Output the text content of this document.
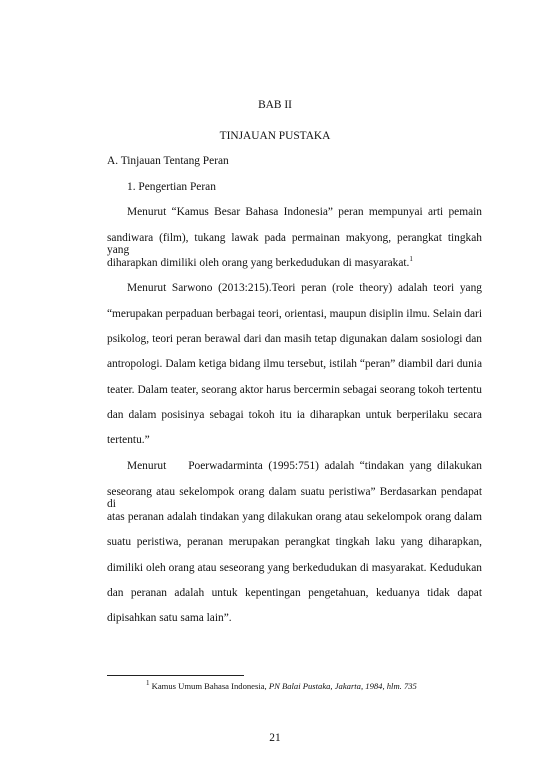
BAB II
TINJAUAN PUSTAKA
A. Tinjauan Tentang Peran
1. Pengertian Peran
Menurut “Kamus Besar Bahasa Indonesia” peran mempunyai arti pemain
sandiwara (film), tukang lawak pada permainan makyong, perangkat tingkah yang
diharapkan dimiliki oleh orang yang berkedudukan di masyarakat.$^1$
Menurut Sarwono (2013:215).Teori peran (role theory) adalah teori yang
“merupakan perpaduan berbagai teori, orientasi, maupun disiplin ilmu. Selain dari
psikolog, teori peran berawal dari dan masih tetap digunakan dalam sosiologi dan
antropologi. Dalam ketiga bidang ilmu tersebut, istilah “peran” diambil dari dunia
teater. Dalam teater, seorang aktor harus bercermin sebagai seorang tokoh tertentu
dan dalam posisinya sebagai tokoh itu ia diharapkan untuk berperilaku secara
tertentu.”
Menurut    Poerwadarminta (1995:751) adalah “tindakan yang dilakukan
seseorang atau sekelompok orang dalam suatu peristiwa” Berdasarkan pendapat di
atas peranan adalah tindakan yang dilakukan orang atau sekelompok orang dalam
suatu peristiwa, peranan merupakan perangkat tingkah laku yang diharapkan,
dimiliki oleh orang atau seseorang yang berkedudukan di masyarakat. Kedudukan
dan peranan adalah untuk kepentingan pengetahuan, keduanya tidak dapat
dipisahkan satu sama lain”.
$^1$ Kamus Umum Bahasa Indonesia, PN Balai Pustaka, Jakarta, 1984, hlm. 735
21
